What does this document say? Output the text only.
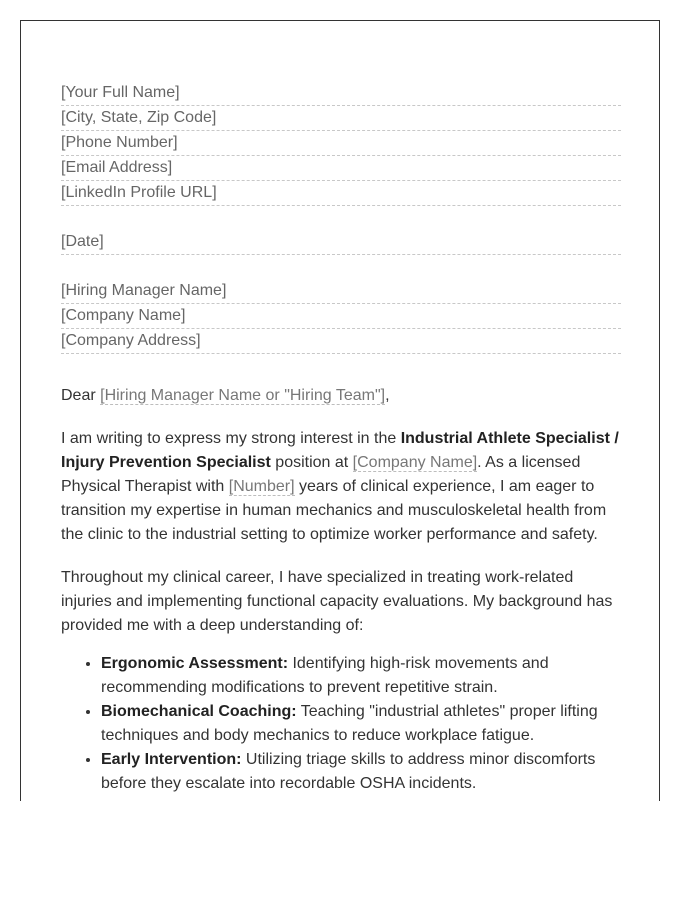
[Your Full Name]
[City, State, Zip Code]
[Phone Number]
[Email Address]
[LinkedIn Profile URL]
[Date]
[Hiring Manager Name]
[Company Name]
[Company Address]
Dear [Hiring Manager Name or "Hiring Team"],

I am writing to express my strong interest in the Industrial Athlete Specialist / Injury Prevention Specialist position at [Company Name]. As a licensed Physical Therapist with [Number] years of clinical experience, I am eager to transition my expertise in human mechanics and musculoskeletal health from the clinic to the industrial setting to optimize worker performance and safety.

Throughout my clinical career, I have specialized in treating work-related injuries and implementing functional capacity evaluations. My background has provided me with a deep understanding of:

• Ergonomic Assessment: Identifying high-risk movements and recommending modifications to prevent repetitive strain.
• Biomechanical Coaching: Teaching "industrial athletes" proper lifting techniques and body mechanics to reduce workplace fatigue.
• Early Intervention: Utilizing triage skills to address minor discomforts before they escalate into recordable OSHA incidents.
